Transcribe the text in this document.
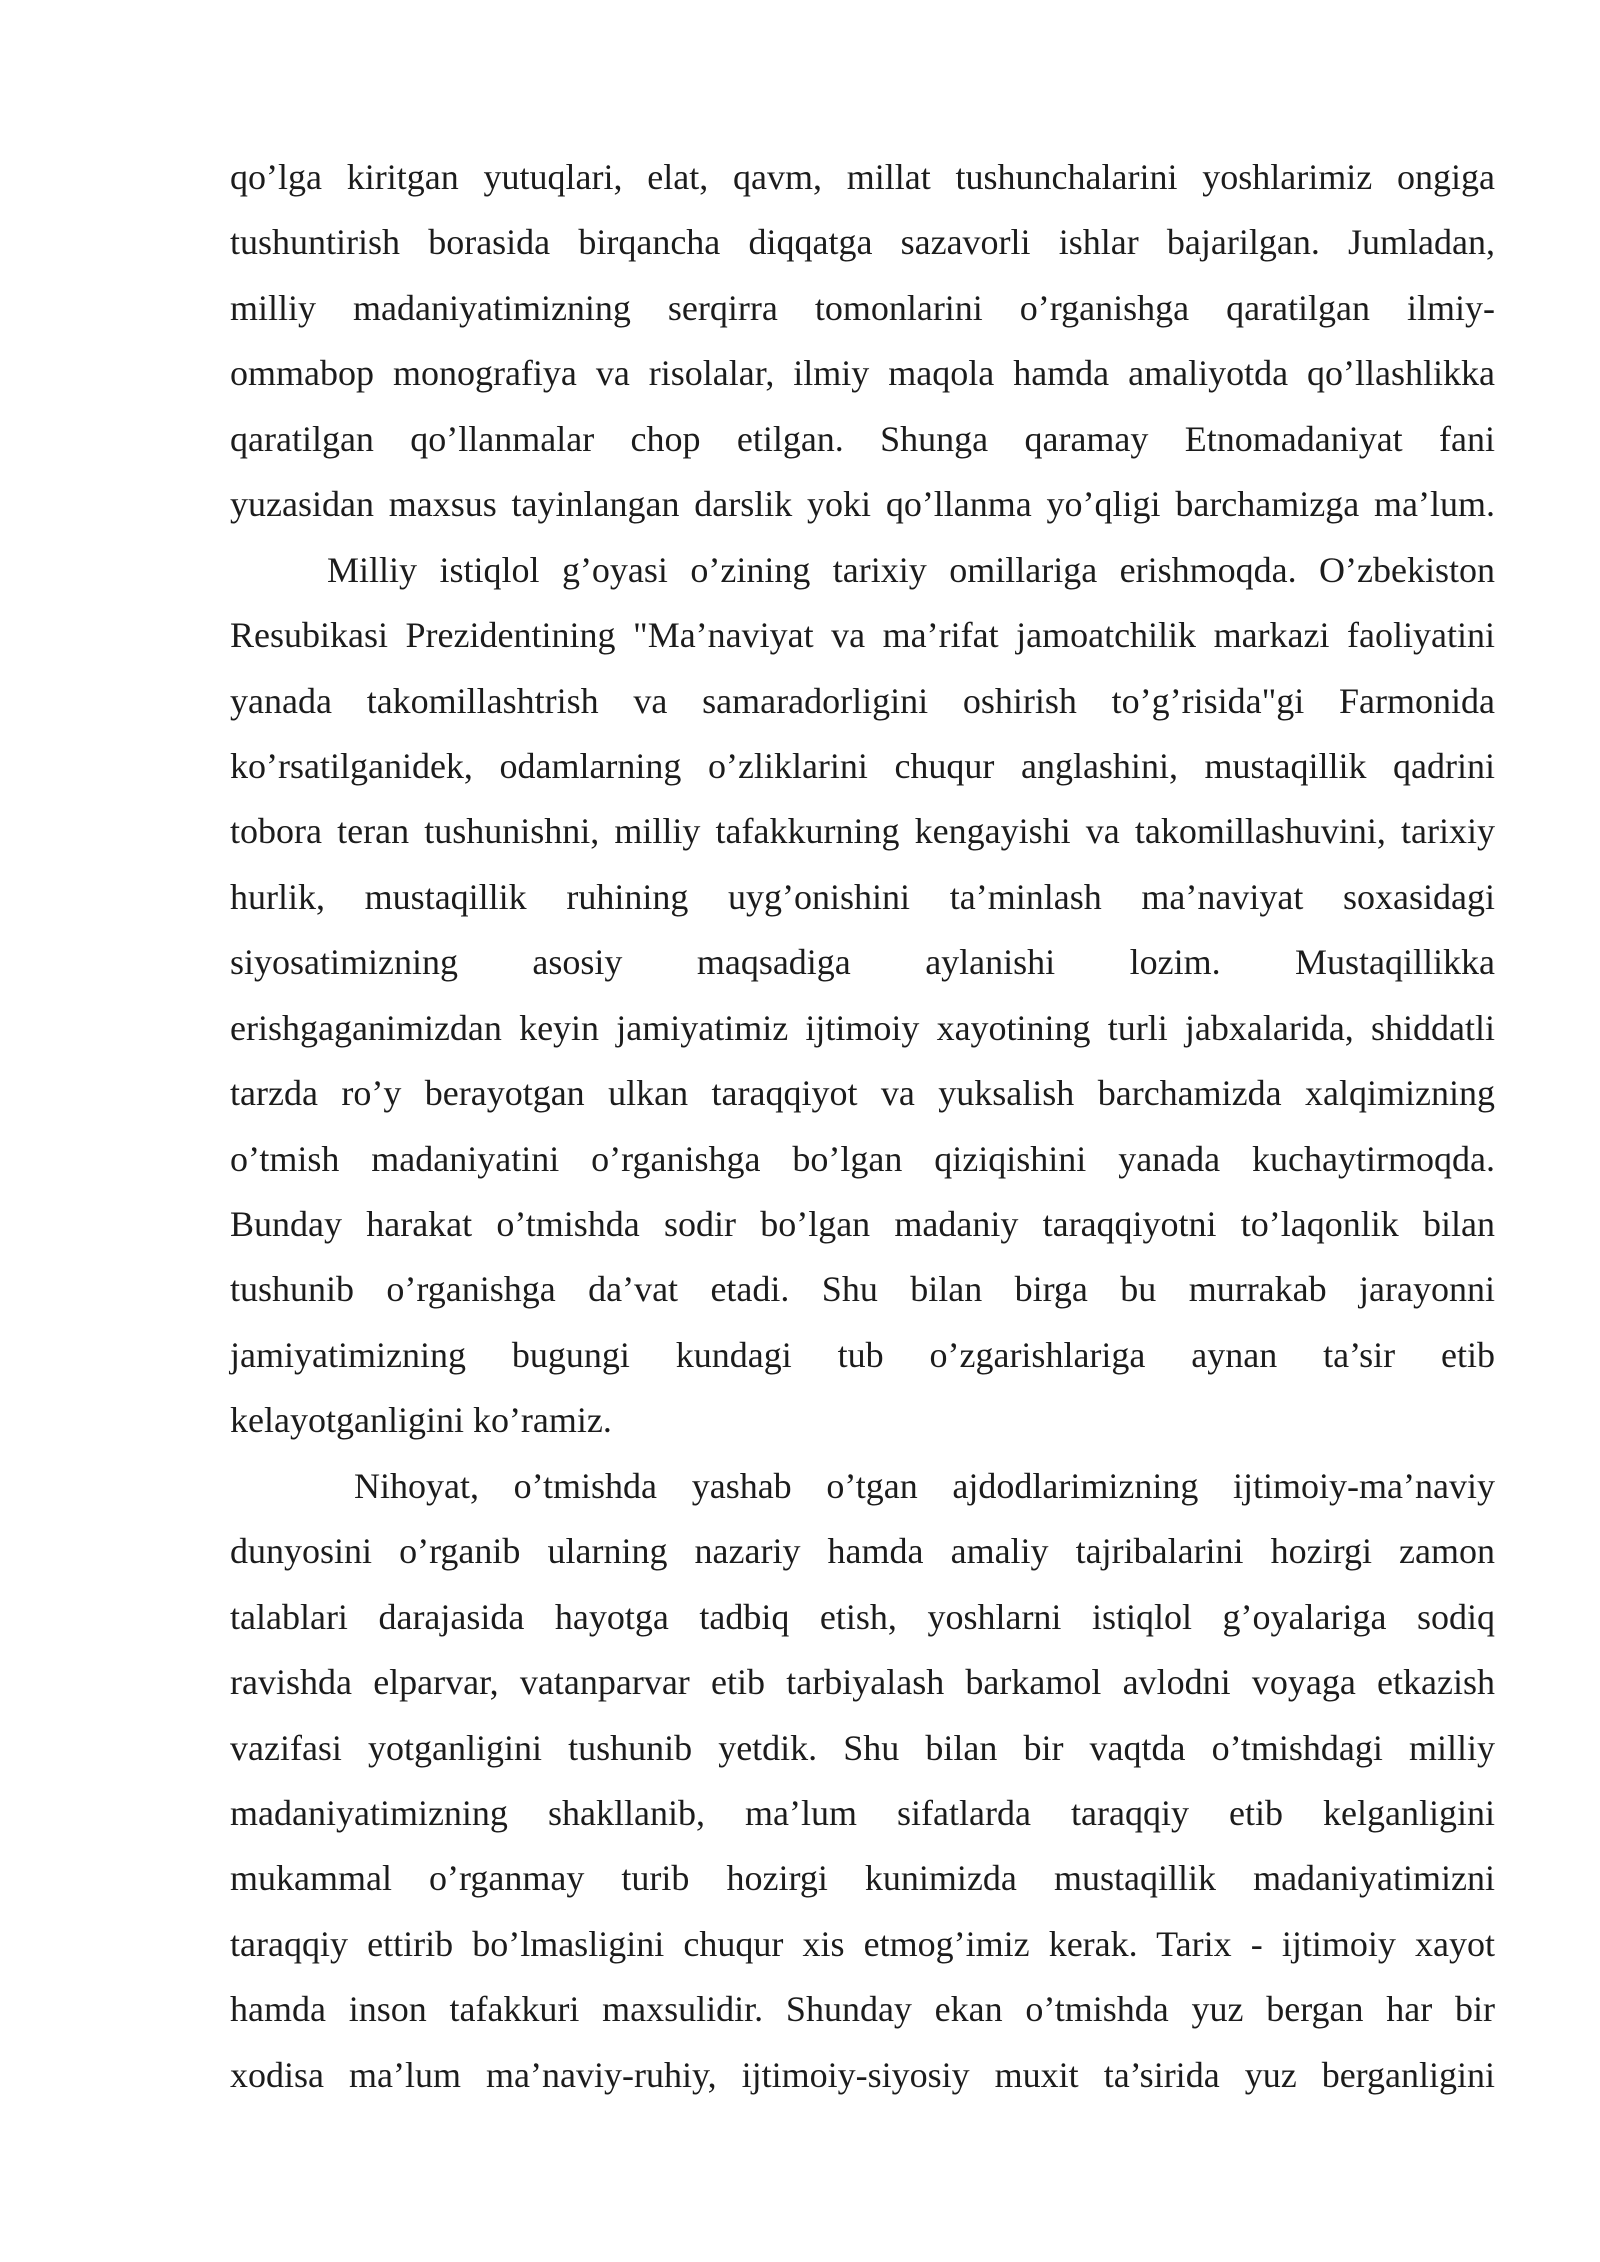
qo’lga kiritgan yutuqlari, elat, qavm, millat tushunchalarini yoshlarimiz ongiga
tushuntirish borasida birqancha diqqatga sazavorli ishlar bajarilgan. Jumladan,
milliy madaniyatimizning serqirra tomonlarini o’rganishga qaratilgan ilmiy-
ommabop monografiya va risolalar, ilmiy maqola hamda amaliyotda qo’llashlikka
qaratilgan qo’llanmalar chop etilgan. Shunga qaramay Etnomadaniyat fani
yuzasidan maxsus tayinlangan darslik yoki qo’llanma yo’qligi barchamizga ma’lum.
Milliy istiqlol g’oyasi o’zining tarixiy omillariga erishmoqda. O’zbekiston
Resubikasi Prezidentining "Ma’naviyat va ma’rifat jamoatchilik markazi faoliyatini
yanada takomillashtrish va samaradorligini oshirish to’g’risida"gi Farmonida
ko’rsatilganidek, odamlarning o’zliklarini chuqur anglashini, mustaqillik qadrini
tobora teran tushunishni, milliy tafakkurning kengayishi va takomillashuvini, tarixiy
hurlik, mustaqillik ruhining uyg’onishini ta’minlash ma’naviyat soxasidagi
siyosatimizning asosiy maqsadiga aylanishi lozim. Mustaqillikka
erishgaganimizdan keyin jamiyatimiz ijtimoiy xayotining turli jabxalarida, shiddatli
tarzda ro’y berayotgan ulkan taraqqiyot va yuksalish barchamizda xalqimizning
o’tmish madaniyatini o’rganishga bo’lgan qiziqishini yanada kuchaytirmoqda.
Bunday harakat o’tmishda sodir bo’lgan madaniy taraqqiyotni to’laqonlik bilan
tushunib o’rganishga da’vat etadi. Shu bilan birga bu murrakab jarayonni
jamiyatimizning bugungi kundagi tub o’zgarishlariga aynan ta’sir etib
kelayotganligini ko’ramiz.
Nihoyat, o’tmishda yashab o’tgan ajdodlarimizning ijtimoiy-ma’naviy
dunyosini o’rganib ularning nazariy hamda amaliy tajribalarini hozirgi zamon
talablari darajasida hayotga tadbiq etish, yoshlarni istiqlol g’oyalariga sodiq
ravishda elparvar, vatanparvar etib tarbiyalash barkamol avlodni voyaga etkazish
vazifasi yotganligini tushunib yetdik. Shu bilan bir vaqtda o’tmishdagi milliy
madaniyatimizning shakllanib, ma’lum sifatlarda taraqqiy etib kelganligini
mukammal o’rganmay turib hozirgi kunimizda mustaqillik madaniyatimizni
taraqqiy ettirib bo’lmasligini chuqur xis etmog’imiz kerak. Tarix - ijtimoiy xayot
hamda inson tafakkuri maxsulidir. Shunday ekan o’tmishda yuz bergan har bir
xodisa ma’lum ma’naviy-ruhiy, ijtimoiy-siyosiy muxit ta’sirida yuz berganligini
